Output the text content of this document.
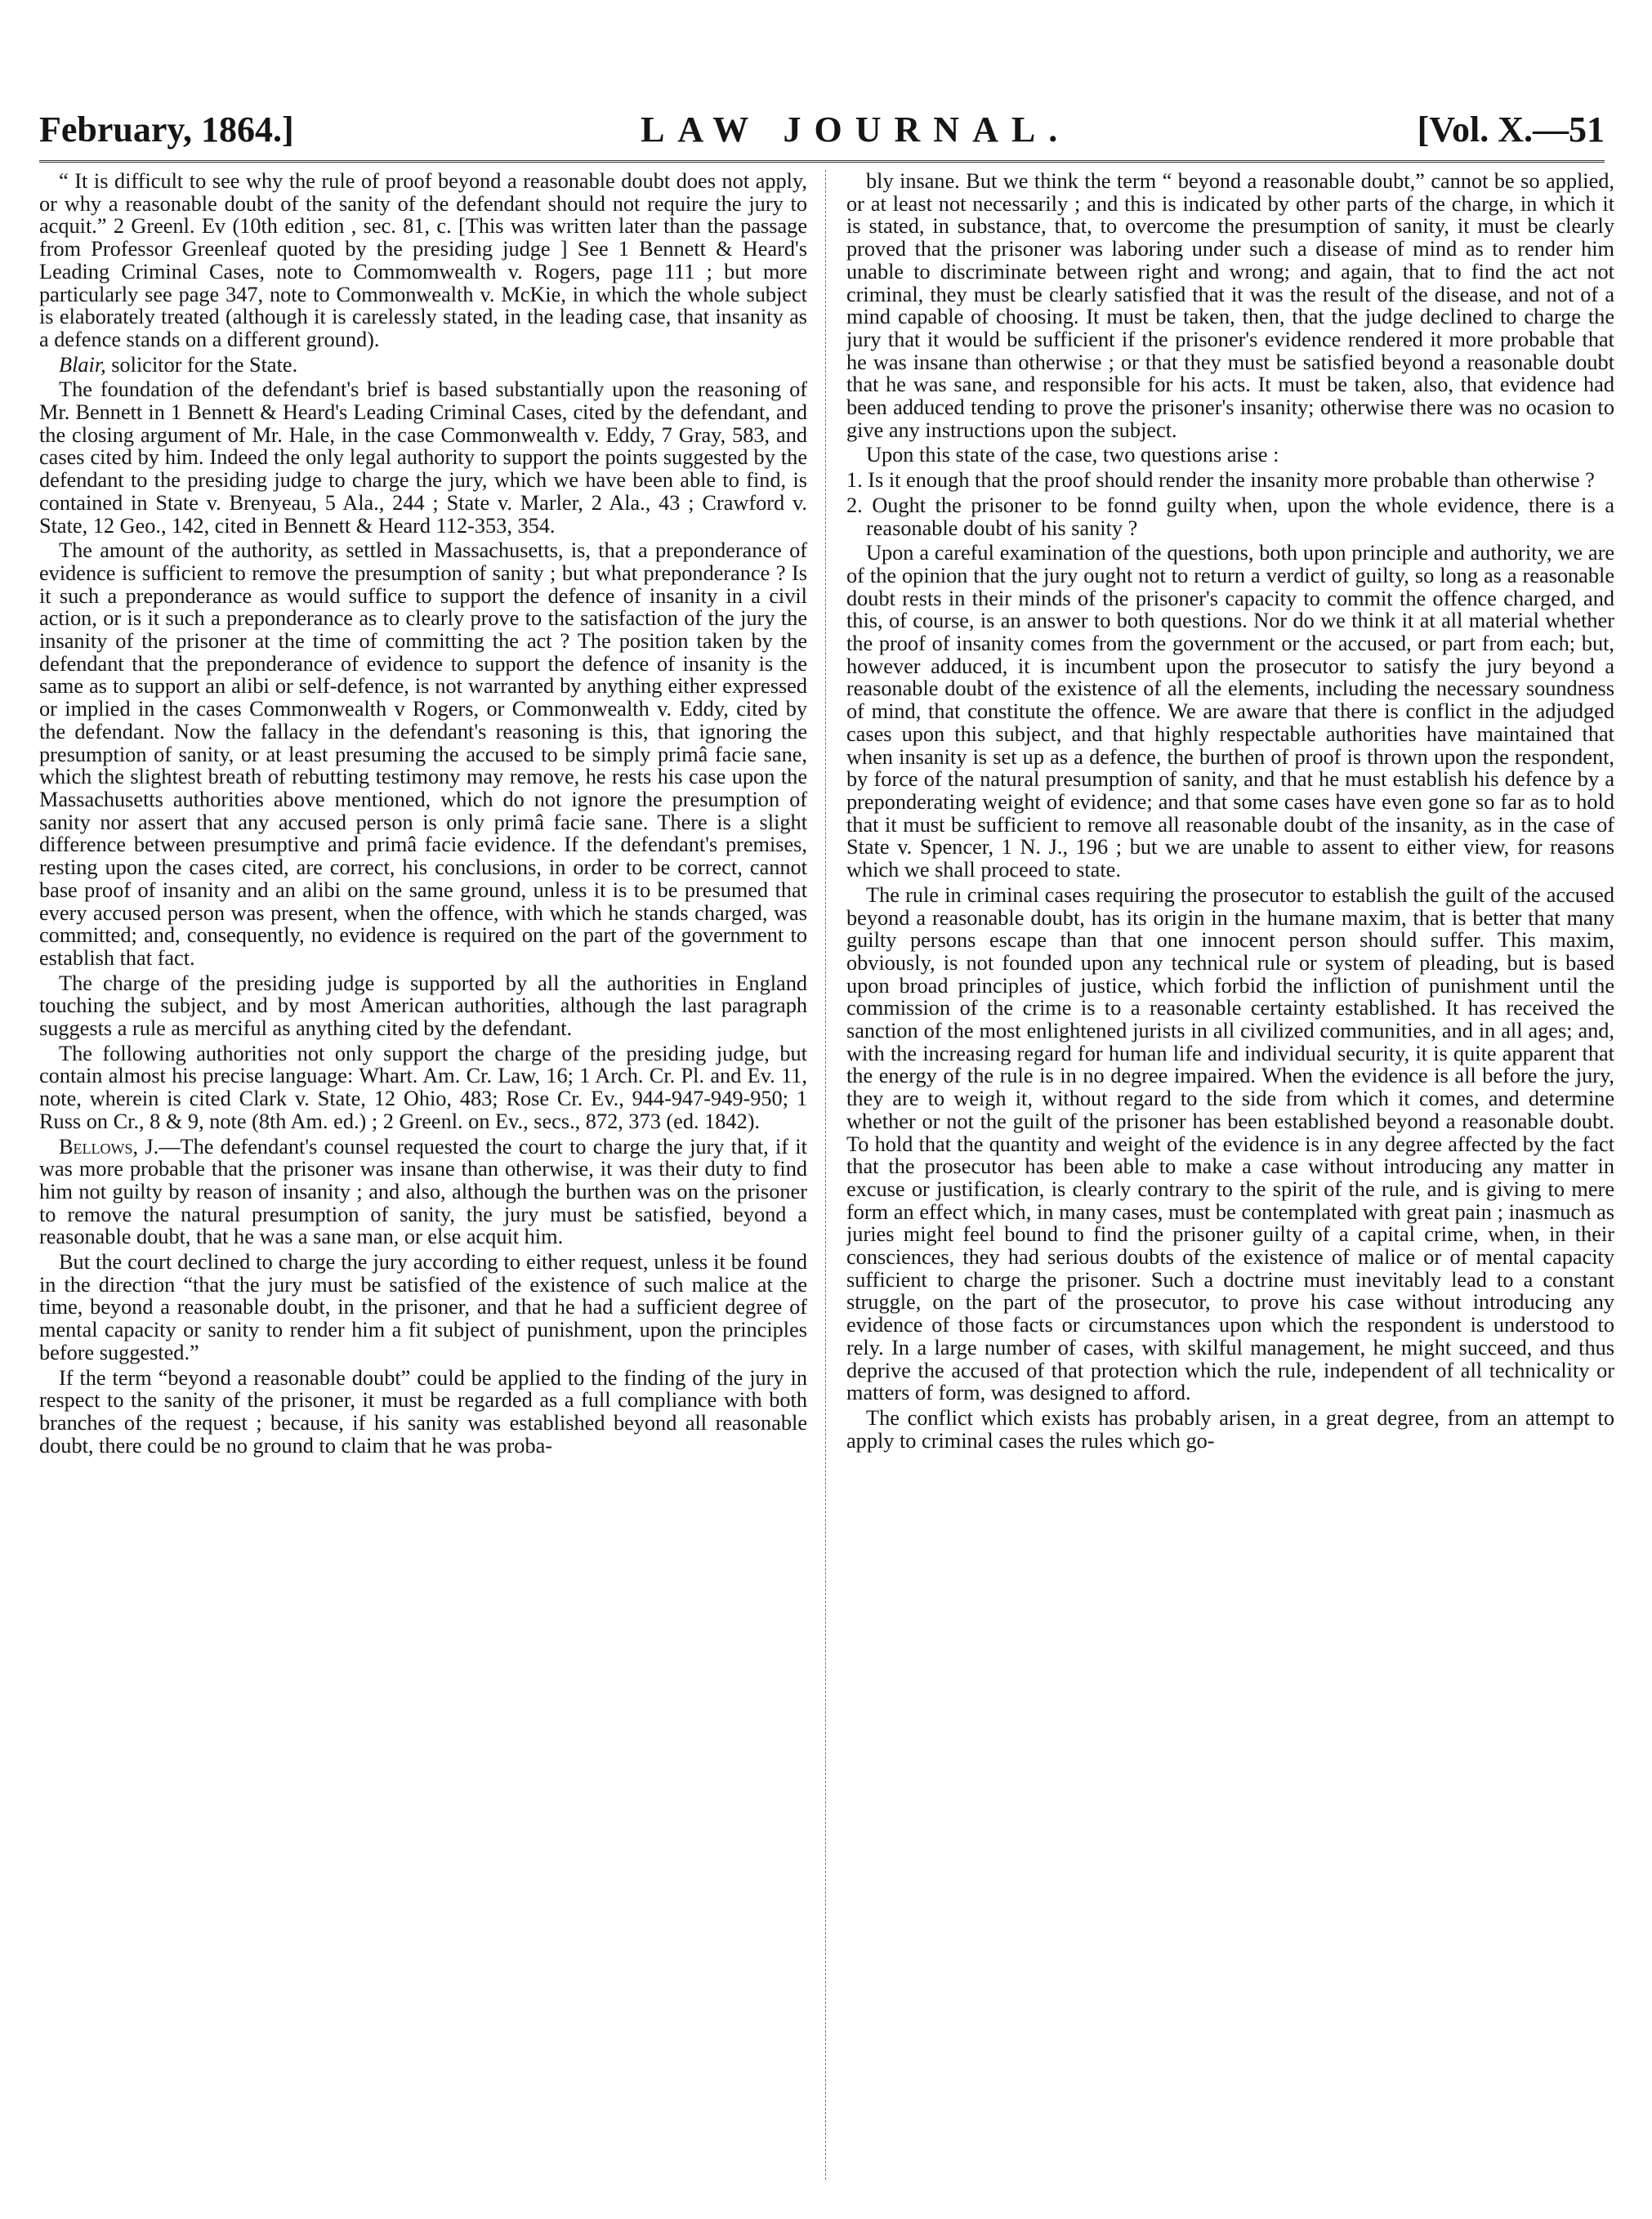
February, 1864.]	LAW JOURNAL.	[Vol. X.—51

“ It is difficult to see why the rule of proof beyond a reasonable doubt does not apply, or why a reasonable doubt of the sanity of the defendant should not require the jury to acquit.” 2 Greenl. Ev (10th edition , sec. 81, c. [This was written later than the passage from Professor Greenleaf quoted by the presiding judge ] See 1 Bennett & Heard's Leading Criminal Cases, note to Commomwealth v. Rogers, page 111 ; but more particularly see page 347, note to Commonwealth v. McKie, in which the whole subject is elaborately treated (although it is carelessly stated, in the leading case, that insanity as a defence stands on a different ground).

Blair, solicitor for the State.

The foundation of the defendant's brief is based substantially upon the reasoning of Mr. Bennett in 1 Bennett & Heard's Leading Criminal Cases, cited by the defendant, and the closing argument of Mr. Hale, in the case Commonwealth v. Eddy, 7 Gray, 583, and cases cited by him. Indeed the only legal authority to support the points suggested by the defendant to the presiding judge to charge the jury, which we have been able to find, is contained in State v. Brenyeau, 5 Ala., 244 ; State v. Marler, 2 Ala., 43 ; Crawford v. State, 12 Geo., 142, cited in Bennett & Heard 112-353, 354.

The amount of the authority, as settled in Massachusetts, is, that a preponderance of evidence is sufficient to remove the presumption of sanity ; but what preponderance ? Is it such a preponderance as would suffice to support the defence of insanity in a civil action, or is it such a preponderance as to clearly prove to the satisfaction of the jury the insanity of the prisoner at the time of committing the act ? The position taken by the defendant that the preponderance of evidence to support the defence of insanity is the same as to support an alibi or self-defence, is not warranted by anything either expressed or implied in the cases Commonwealth v Rogers, or Commonwealth v. Eddy, cited by the defendant. Now the fallacy in the defendant's reasoning is this, that ignoring the presumption of sanity, or at least presuming the accused to be simply primâ facie sane, which the slightest breath of rebutting testimony may remove, he rests his case upon the Massachusetts authorities above mentioned, which do not ignore the presumption of sanity nor assert that any accused person is only primâ facie sane. There is a slight difference between presumptive and primâ facie evidence. If the defendant's premises, resting upon the cases cited, are correct, his conclusions, in order to be correct, cannot base proof of insanity and an alibi on the same ground, unless it is to be presumed that every accused person was present, when the offence, with which he stands charged, was committed; and, consequently, no evidence is required on the part of the government to establish that fact.

The charge of the presiding judge is supported by all the authorities in England touching the subject, and by most American authorities, although the last paragraph suggests a rule as merciful as anything cited by the defendant.

The following authorities not only support the charge of the presiding judge, but contain almost his precise language: Whart. Am. Cr. Law, 16; 1 Arch. Cr. Pl. and Ev. 11, note, wherein is cited Clark v. State, 12 Ohio, 483; Rose Cr. Ev., 944-947-949-950; 1 Russ on Cr., 8 & 9, note (8th Am. ed.) ; 2 Greenl. on Ev., secs., 872, 373 (ed. 1842).

Bellows, J.—The defendant's counsel requested the court to charge the jury that, if it was more probable that the prisoner was insane than otherwise, it was their duty to find him not guilty by reason of insanity ; and also, although the burthen was on the prisoner to remove the natural presumption of sanity, the jury must be satisfied, beyond a reasonable doubt, that he was a sane man, or else acquit him.

But the court declined to charge the jury according to either request, unless it be found in the direction “that the jury must be satisfied of the existence of such malice at the time, beyond a reasonable doubt, in the prisoner, and that he had a sufficient degree of mental capacity or sanity to render him a fit subject of punishment, upon the principles before suggested.”

If the term “beyond a reasonable doubt” could be applied to the finding of the jury in respect to the sanity of the prisoner, it must be regarded as a full compliance with both branches of the request ; because, if his sanity was established beyond all reasonable doubt, there could be no ground to claim that he was proba-

bly insane. But we think the term “ beyond a reasonable doubt,” cannot be so applied, or at least not necessarily ; and this is indicated by other parts of the charge, in which it is stated, in substance, that, to overcome the presumption of sanity, it must be clearly proved that the prisoner was laboring under such a disease of mind as to render him unable to discriminate between right and wrong; and again, that to find the act not criminal, they must be clearly satisfied that it was the result of the disease, and not of a mind capable of choosing. It must be taken, then, that the judge declined to charge the jury that it would be sufficient if the prisoner's evidence rendered it more probable that he was insane than otherwise ; or that they must be satisfied beyond a reasonable doubt that he was sane, and responsible for his acts. It must be taken, also, that evidence had been adduced tending to prove the prisoner's insanity; otherwise there was no ocasion to give any instructions upon the subject.

Upon this state of the case, two questions arise :

1. Is it enough that the proof should render the insanity more probable than otherwise ?

2. Ought the prisoner to be fonnd guilty when, upon the whole evidence, there is a reasonable doubt of his sanity ?

Upon a careful examination of the questions, both upon principle and authority, we are of the opinion that the jury ought not to return a verdict of guilty, so long as a reasonable doubt rests in their minds of the prisoner's capacity to commit the offence charged, and this, of course, is an answer to both questions. Nor do we think it at all material whether the proof of insanity comes from the government or the accused, or part from each; but, however adduced, it is incumbent upon the prosecutor to satisfy the jury beyond a reasonable doubt of the existence of all the elements, including the necessary soundness of mind, that constitute the offence. We are aware that there is conflict in the adjudged cases upon this subject, and that highly respectable authorities have maintained that when insanity is set up as a defence, the burthen of proof is thrown upon the respondent, by force of the natural presumption of sanity, and that he must establish his defence by a preponderating weight of evidence; and that some cases have even gone so far as to hold that it must be sufficient to remove all reasonable doubt of the insanity, as in the case of State v. Spencer, 1 N. J., 196 ; but we are unable to assent to either view, for reasons which we shall proceed to state.

The rule in criminal cases requiring the prosecutor to establish the guilt of the accused beyond a reasonable doubt, has its origin in the humane maxim, that is better that many guilty persons escape than that one innocent person should suffer. This maxim, obviously, is not founded upon any technical rule or system of pleading, but is based upon broad principles of justice, which forbid the infliction of punishment until the commission of the crime is to a reasonable certainty established. It has received the sanction of the most enlightened jurists in all civilized communities, and in all ages; and, with the increasing regard for human life and individual security, it is quite apparent that the energy of the rule is in no degree impaired. When the evidence is all before the jury, they are to weigh it, without regard to the side from which it comes, and determine whether or not the guilt of the prisoner has been established beyond a reasonable doubt. To hold that the quantity and weight of the evidence is in any degree affected by the fact that the prosecutor has been able to make a case without introducing any matter in excuse or justification, is clearly contrary to the spirit of the rule, and is giving to mere form an effect which, in many cases, must be contemplated with great pain ; inasmuch as juries might feel bound to find the prisoner guilty of a capital crime, when, in their consciences, they had serious doubts of the existence of malice or of mental capacity sufficient to charge the prisoner. Such a doctrine must inevitably lead to a constant struggle, on the part of the prosecutor, to prove his case without introducing any evidence of those facts or circumstances upon which the respondent is understood to rely. In a large number of cases, with skilful management, he might succeed, and thus deprive the accused of that protection which the rule, independent of all technicality or matters of form, was designed to afford.

The conflict which exists has probably arisen, in a great degree, from an attempt to apply to criminal cases the rules which go-
